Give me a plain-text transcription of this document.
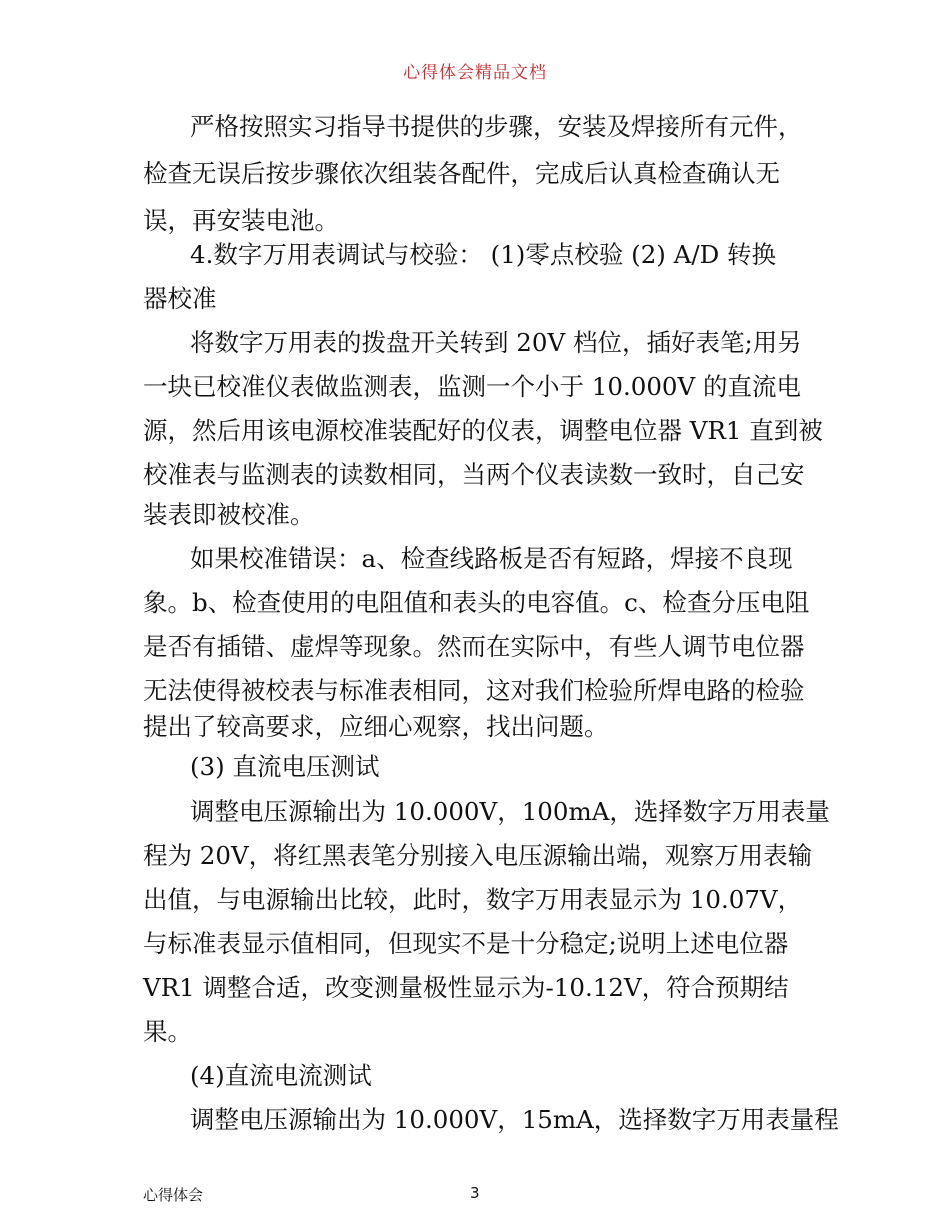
心得体会精品文档
严格按照实习指导书提供的步骤，安装及焊接所有元件，
检查无误后按步骤依次组装各配件，完成后认真检查确认无
误，再安装电池。
4.数字万用表调试与校验： (1)零点校验 (2) A/D 转换
器校准
将数字万用表的拨盘开关转到 20V 档位，插好表笔;用另
一块已校准仪表做监测表，监测一个小于 10.000V 的直流电
源，然后用该电源校准装配好的仪表，调整电位器 VR1 直到被
校准表与监测表的读数相同，当两个仪表读数一致时，自己安
装表即被校准。
如果校准错误：a、检查线路板是否有短路，焊接不良现
象。b、检查使用的电阻值和表头的电容值。c、检查分压电阻
是否有插错、虚焊等现象。然而在实际中，有些人调节电位器
无法使得被校表与标准表相同，这对我们检验所焊电路的检验
提出了较高要求，应细心观察，找出问题。
(3) 直流电压测试
调整电压源输出为 10.000V，100mA，选择数字万用表量
程为 20V，将红黑表笔分别接入电压源输出端，观察万用表输
出值，与电源输出比较，此时，数字万用表显示为 10.07V，
与标准表显示值相同，但现实不是十分稳定;说明上述电位器
VR1 调整合适，改变测量极性显示为-10.12V，符合预期结
果。
(4)直流电流测试
调整电压源输出为 10.000V，15mA，选择数字万用表量程
心得体会	3
